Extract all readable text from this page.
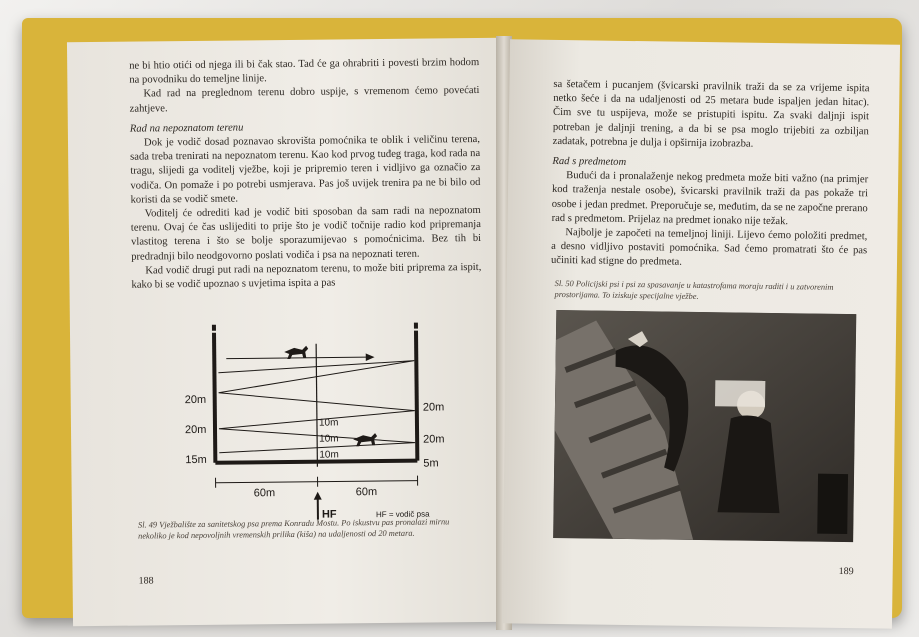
ne bi htio otići od njega ili bi čak stao. Tad će ga ohrabriti i povesti brzim hodom na povodniku do temeljne linije.

Kad rad na preglednom terenu dobro uspije, s vremenom ćemo povećati zahtjeve.

Rad na nepoznatom terenu

Dok je vodič dosad poznavao skrovišta pomoćnika te oblik i veličinu terena, sada treba trenirati na nepoznatom terenu. Kao kod prvog tuđeg traga, kod rada na tragu, slijedi ga voditelj vježbe, koji je pripremio teren i vidljivo ga označio za vodiča. On pomaže i po potrebi usmjerava. Pas još uvijek trenira pa ne bi bilo od koristi da se vodič smete.

Voditelj će odrediti kad je vodič biti sposoban da sam radi na nepoznatom terenu. Ovaj će čas uslijediti to prije što je vodič točnije radio kod pripremanja vlastitog terena i što se bolje sporazumijevao s pomoćnicima. Bez tih bi predradnji bilo neodgovorno poslati vodiča i psa na nepoznati teren.

Kad vodič drugi put radi na nepoznatom terenu, to može biti priprema za ispit, kako bi se vodič upoznao s uvjetima ispita a pas

20m
20m
15m
20m
20m
5m
10m
10m
10m
60m	60m
HF	HF = vodič psa
Sl. 49 Vježbalište za sanitetskog psa prema Konradu Mostu. Po iskustvu pas pronalazi mirnu nekoliko je kod nepovoljnih vremenskih prilika (kiša) na udaljenosti od 20 metara.
188

sa šetačem i pucanjem (švicarski pravilnik traži da se za vrijeme ispita netko šeće i da na udaljenosti od 25 metara bude ispaljen jedan hitac). Čim sve tu uspijeva, može se pristupiti ispitu. Za svaki daljnji ispit potreban je daljnji trening, a da bi se psa moglo trijebiti za ozbiljan zadatak, potrebna je dulja i opširnija izobrazba.

Rad s predmetom

Budući da i pronalaženje nekog predmeta može biti važno (na primjer kod traženja nestale osobe), švicarski pravilnik traži da pas pokaže tri osobe i jedan predmet. Preporučuje se, međutim, da se ne započne prerano rad s predmetom. Prijelaz na predmet ionako nije težak.

Najbolje je započeti na temeljnoj liniji. Lijevo ćemo položiti predmet, a desno vidljivo postaviti pomoćnika. Sad ćemo promatrati što će pas učiniti kad stigne do predmeta.

Sl. 50 Policijski psi i psi za spasavanje u katastrofama moraju raditi i u zatvorenim prostorijama. To iziskuje specijalne vježbe.
189
